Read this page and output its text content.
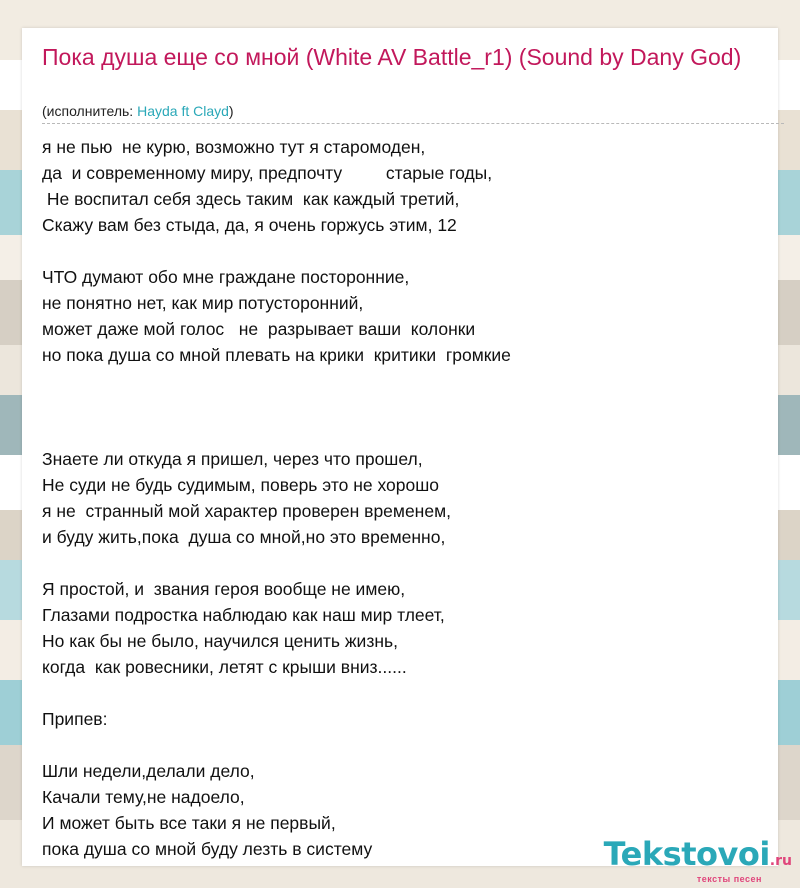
Пока душа еще со мной (White AV Battle_r1) (Sound by Dany God)
(исполнитель: Hayda ft Clayd)
я не пью  не курю, возможно тут я старомоден,
да  и современному миру, предпочту         старые годы,
Не воспитал себя здесь таким  как каждый третий,
Скажу вам без стыда, да, я очень горжусь этим, 12
ЧТО думают обо мне граждане посторонние,
не понятно нет, как мир потусторонний,
может даже мой голос   не  разрывает ваши  колонки
но пока душа со мной плевать на крики  критики  громкие
Знаете ли откуда я пришел, через что прошел,
Не суди не будь судимым, поверь это не хорошо
я не  странный мой характер проверен временем,
и буду жить,пока  душа со мной,но это временно,
Я простой, и  звания героя вообще не имею,
Глазами подростка наблюдаю как наш мир тлеет,
Но как бы не было, научился ценить жизнь,
когда  как ровесники, летят с крыши вниз......
Припев:
Шли недели,делали дело,
Качали тему,не надоело,
И может быть все таки я не первый,
пока душа со мной буду лезть в систему	Tekstovoi.ru
тексты песен
